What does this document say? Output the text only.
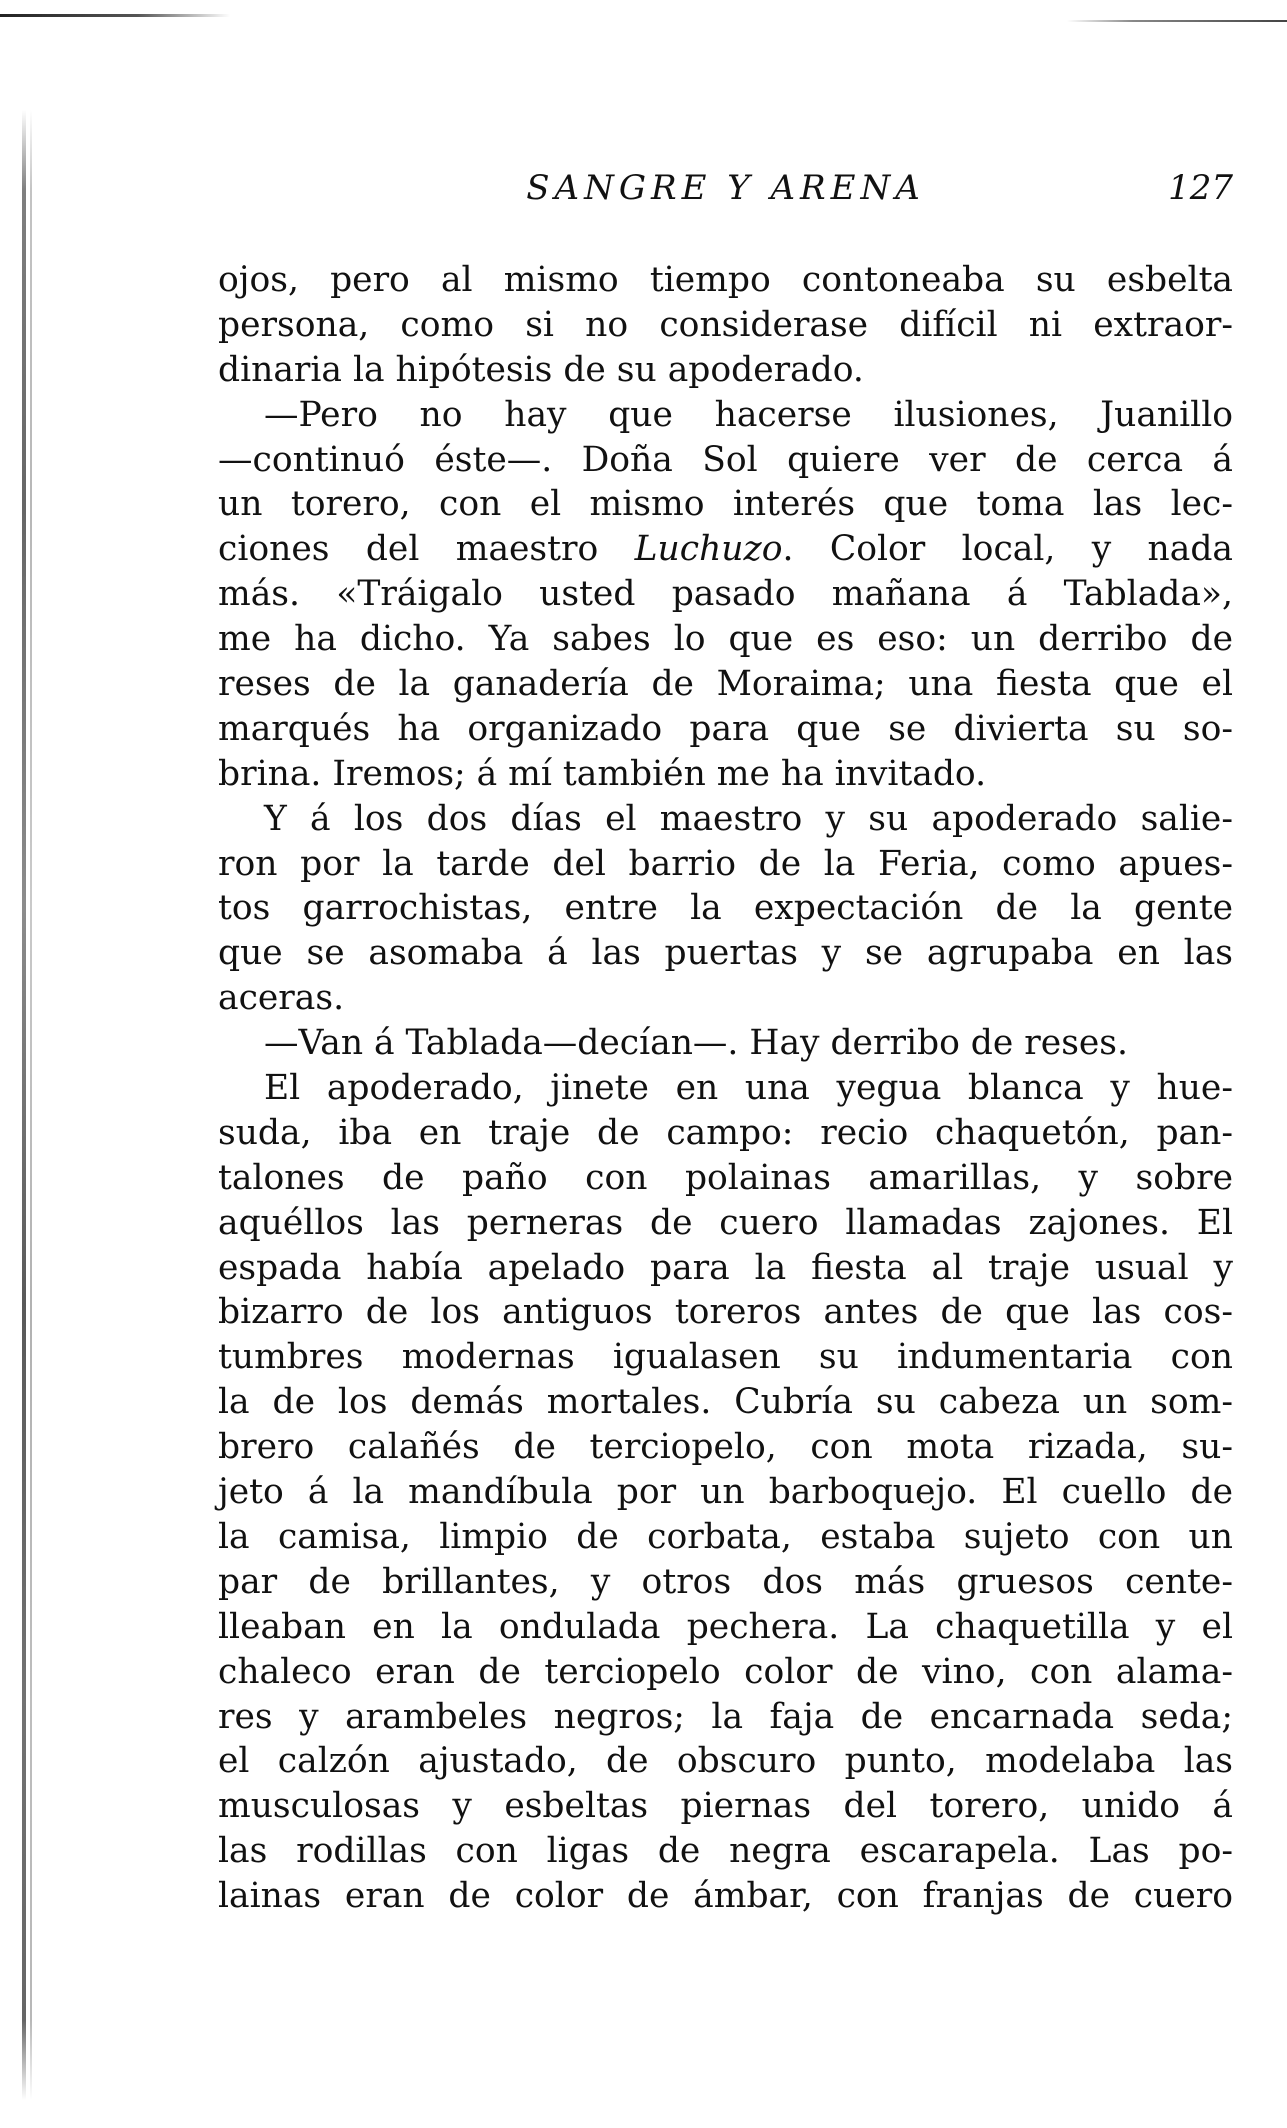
SANGRE Y ARENA	127
ojos, pero al mismo tiempo contoneaba su esbelta
persona, como si no considerase difícil ni extraor-
dinaria la hipótesis de su apoderado.
—Pero no hay que hacerse ilusiones, Juanillo
—continuó éste—. Doña Sol quiere ver de cerca á
un torero, con el mismo interés que toma las lec-
ciones del maestro Luchuzo. Color local, y nada
más. «Tráigalo usted pasado mañana á Tablada»,
me ha dicho. Ya sabes lo que es eso: un derribo de
reses de la ganadería de Moraima; una fiesta que el
marqués ha organizado para que se divierta su so-
brina. Iremos; á mí también me ha invitado.
Y á los dos días el maestro y su apoderado salie-
ron por la tarde del barrio de la Feria, como apues-
tos garrochistas, entre la expectación de la gente
que se asomaba á las puertas y se agrupaba en las
aceras.
—Van á Tablada—decían—. Hay derribo de reses.
El apoderado, jinete en una yegua blanca y hue-
suda, iba en traje de campo: recio chaquetón, pan-
talones de paño con polainas amarillas, y sobre
aquéllos las perneras de cuero llamadas zajones. El
espada había apelado para la fiesta al traje usual y
bizarro de los antiguos toreros antes de que las cos-
tumbres modernas igualasen su indumentaria con
la de los demás mortales. Cubría su cabeza un som-
brero calañés de terciopelo, con mota rizada, su-
jeto á la mandíbula por un barboquejo. El cuello de
la camisa, limpio de corbata, estaba sujeto con un
par de brillantes, y otros dos más gruesos cente-
lleaban en la ondulada pechera. La chaquetilla y el
chaleco eran de terciopelo color de vino, con alama-
res y arambeles negros; la faja de encarnada seda;
el calzón ajustado, de obscuro punto, modelaba las
musculosas y esbeltas piernas del torero, unido á
las rodillas con ligas de negra escarapela. Las po-
lainas eran de color de ámbar, con franjas de cuero
